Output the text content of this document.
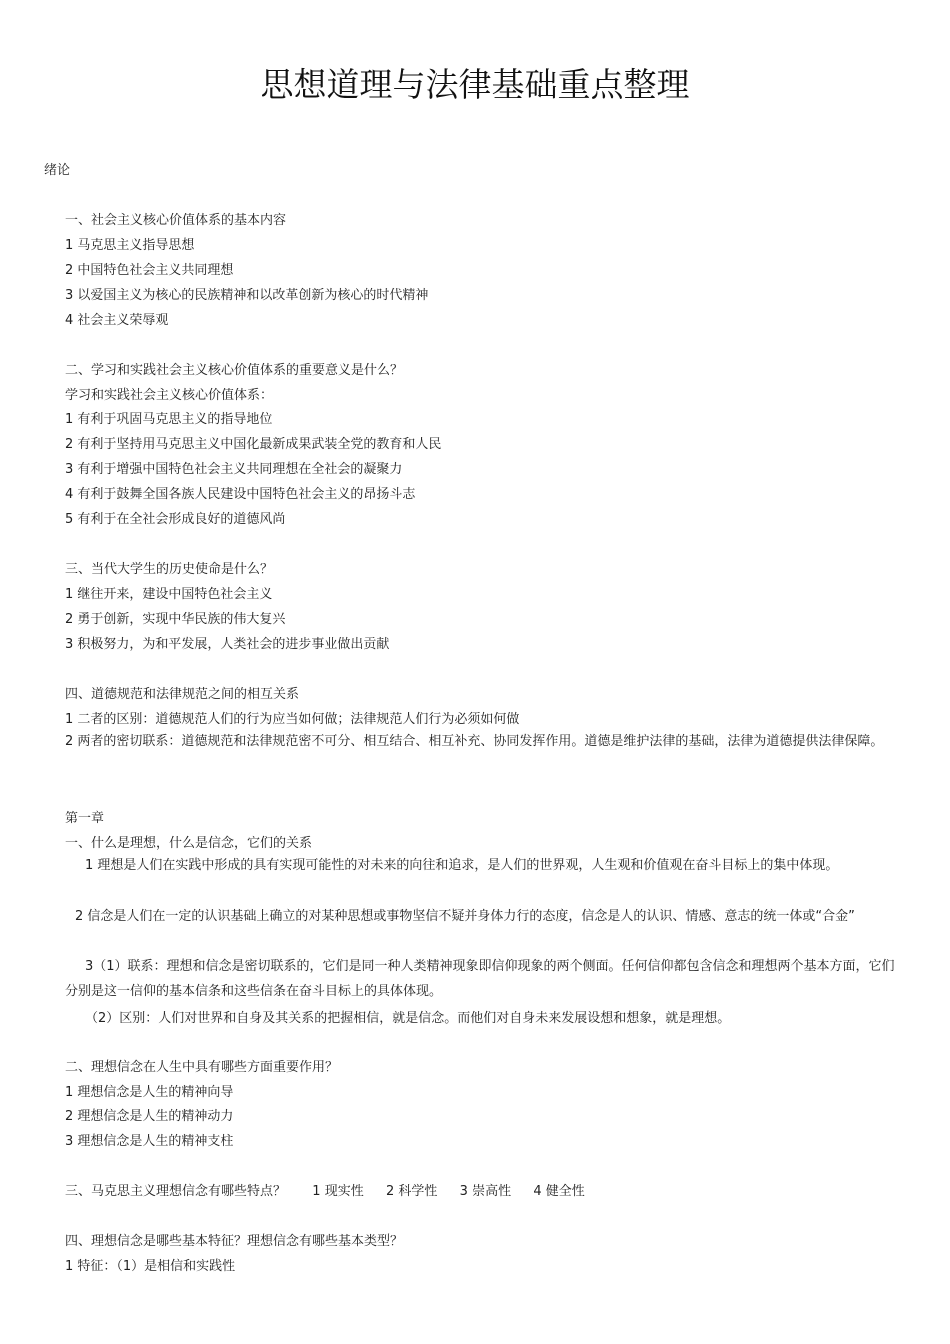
思想道理与法律基础重点整理
绪论
一、社会主义核心价值体系的基本内容
1 马克思主义指导思想
2 中国特色社会主义共同理想
3 以爱国主义为核心的民族精神和以改革创新为核心的时代精神
4 社会主义荣辱观
二、学习和实践社会主义核心价值体系的重要意义是什么？
学习和实践社会主义核心价值体系：
1 有利于巩固马克思主义的指导地位
2 有利于坚持用马克思主义中国化最新成果武装全党的教育和人民
3 有利于增强中国特色社会主义共同理想在全社会的凝聚力
4 有利于鼓舞全国各族人民建设中国特色社会主义的昂扬斗志
5 有利于在全社会形成良好的道德风尚
三、当代大学生的历史使命是什么？
1 继往开来，建设中国特色社会主义
2 勇于创新，实现中华民族的伟大复兴
3 积极努力，为和平发展，人类社会的进步事业做出贡献
四、道德规范和法律规范之间的相互关系
1 二者的区别：道德规范人们的行为应当如何做；法律规范人们行为必须如何做
2 两者的密切联系：道德规范和法律规范密不可分、相互结合、相互补充、协同发挥作用。道德是维护法律的基础，法律为道德提供法律保障。
第一章
一、什么是理想，什么是信念，它们的关系
1 理想是人们在实践中形成的具有实现可能性的对未来的向往和追求，是人们的世界观，人生观和价值观在奋斗目标上的集中体现。
2 信念是人们在一定的认识基础上确立的对某种思想或事物坚信不疑并身体力行的态度，信念是人的认识、情感、意志的统一体或“合金”
3（1）联系：理想和信念是密切联系的，它们是同一种人类精神现象即信仰现象的两个侧面。任何信仰都包含信念和理想两个基本方面，它们分别是这一信仰的基本信条和这些信条在奋斗目标上的具体体现。
（2）区别：人们对世界和自身及其关系的把握相信，就是信念。而他们对自身未来发展设想和想象，就是理想。
二、理想信念在人生中具有哪些方面重要作用？
1 理想信念是人生的精神向导
2 理想信念是人生的精神动力
3 理想信念是人生的精神支柱
三、马克思主义理想信念有哪些特点？ 1 现实性 2 科学性 3 崇高性 4 健全性
四、理想信念是哪些基本特征？理想信念有哪些基本类型？
1 特征：（1）是相信和实践性
